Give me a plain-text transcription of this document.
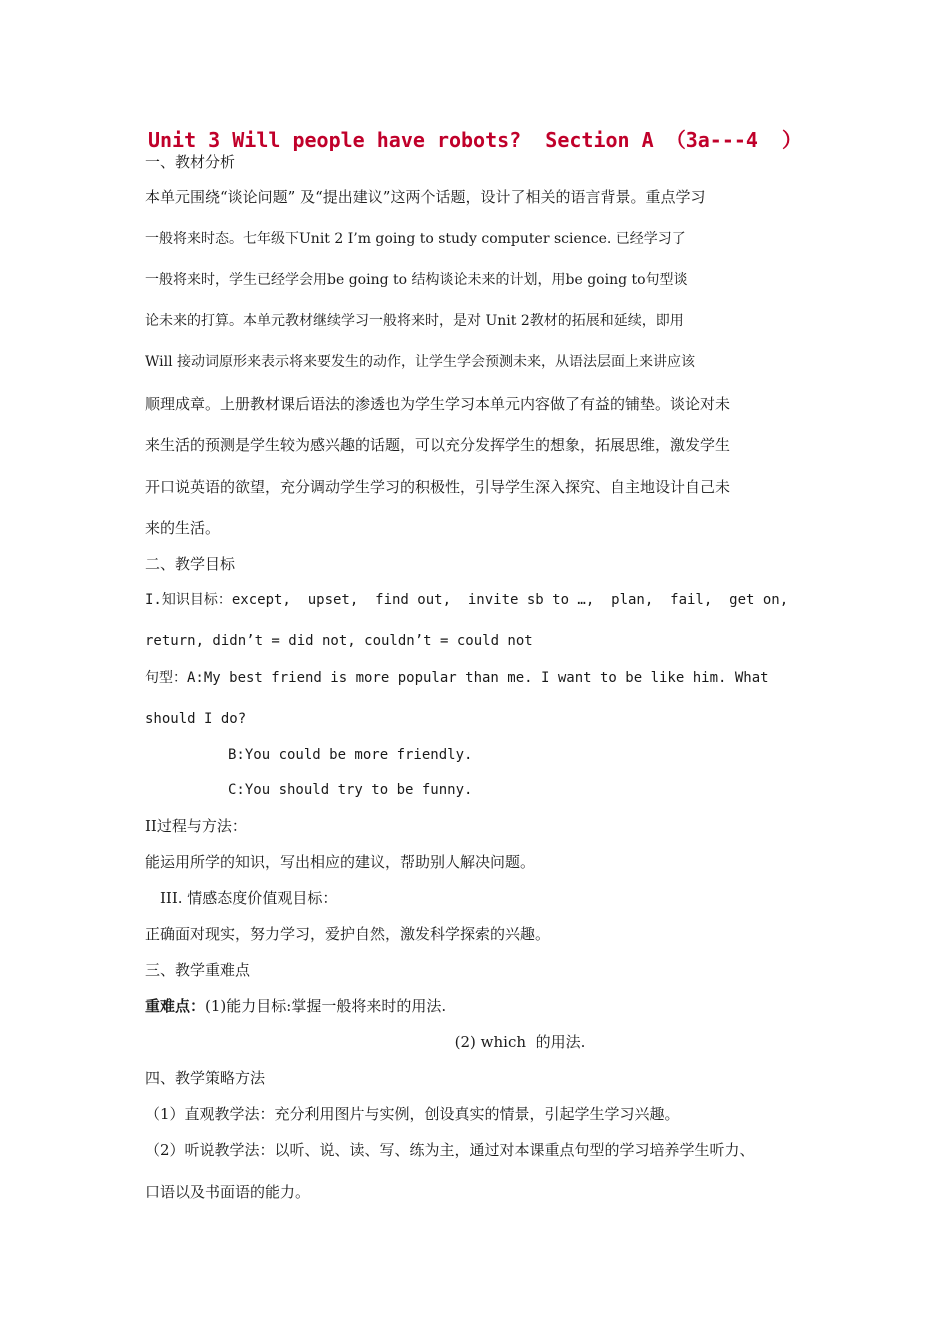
Unit 3 Will people have robots?  Section A （3a---4  ）
一、教材分析
本单元围绕“谈论问题” 及“提出建议”这两个话题，设计了相关的语言背景。重点学习
一般将来时态。七年级下Unit 2 I’m going to study computer science. 已经学习了
一般将来时，学生已经学会用be going to 结构谈论未来的计划，用be going to句型谈
论未来的打算。本单元教材继续学习一般将来时，是对 Unit 2教材的拓展和延续，即用
Will 接动词原形来表示将来要发生的动作，让学生学会预测未来，从语法层面上来讲应该
顺理成章。上册教材课后语法的渗透也为学生学习本单元内容做了有益的铺垫。谈论对未
来生活的预测是学生较为感兴趣的话题，可以充分发挥学生的想象，拓展思维，激发学生
开口说英语的欲望，充分调动学生学习的积极性，引导学生深入探究、自主地设计自己未
来的生活。
二、教学目标
I.知识目标：except,  upset,  find out,  invite sb to …,  plan,  fail,  get on,
return, didn’t = did not, couldn’t = could not
句型：A:My best friend is more popular than me. I want to be like him. What
should I do?
B:You could be more friendly.
C:You should try to be funny.
II过程与方法：
能运用所学的知识，写出相应的建议，帮助别人解决问题。
III. 情感态度价值观目标：
正确面对现实，努力学习，爱护自然，激发科学探索的兴趣。
三、教学重难点
重难点：(1)能力目标:掌握一般将来时的用法.
(2) which  的用法.
四、教学策略方法
（1）直观教学法：充分利用图片与实例，创设真实的情景，引起学生学习兴趣。
（2）听说教学法：以听、说、读、写、练为主，通过对本课重点句型的学习培养学生听力、
口语以及书面语的能力。
